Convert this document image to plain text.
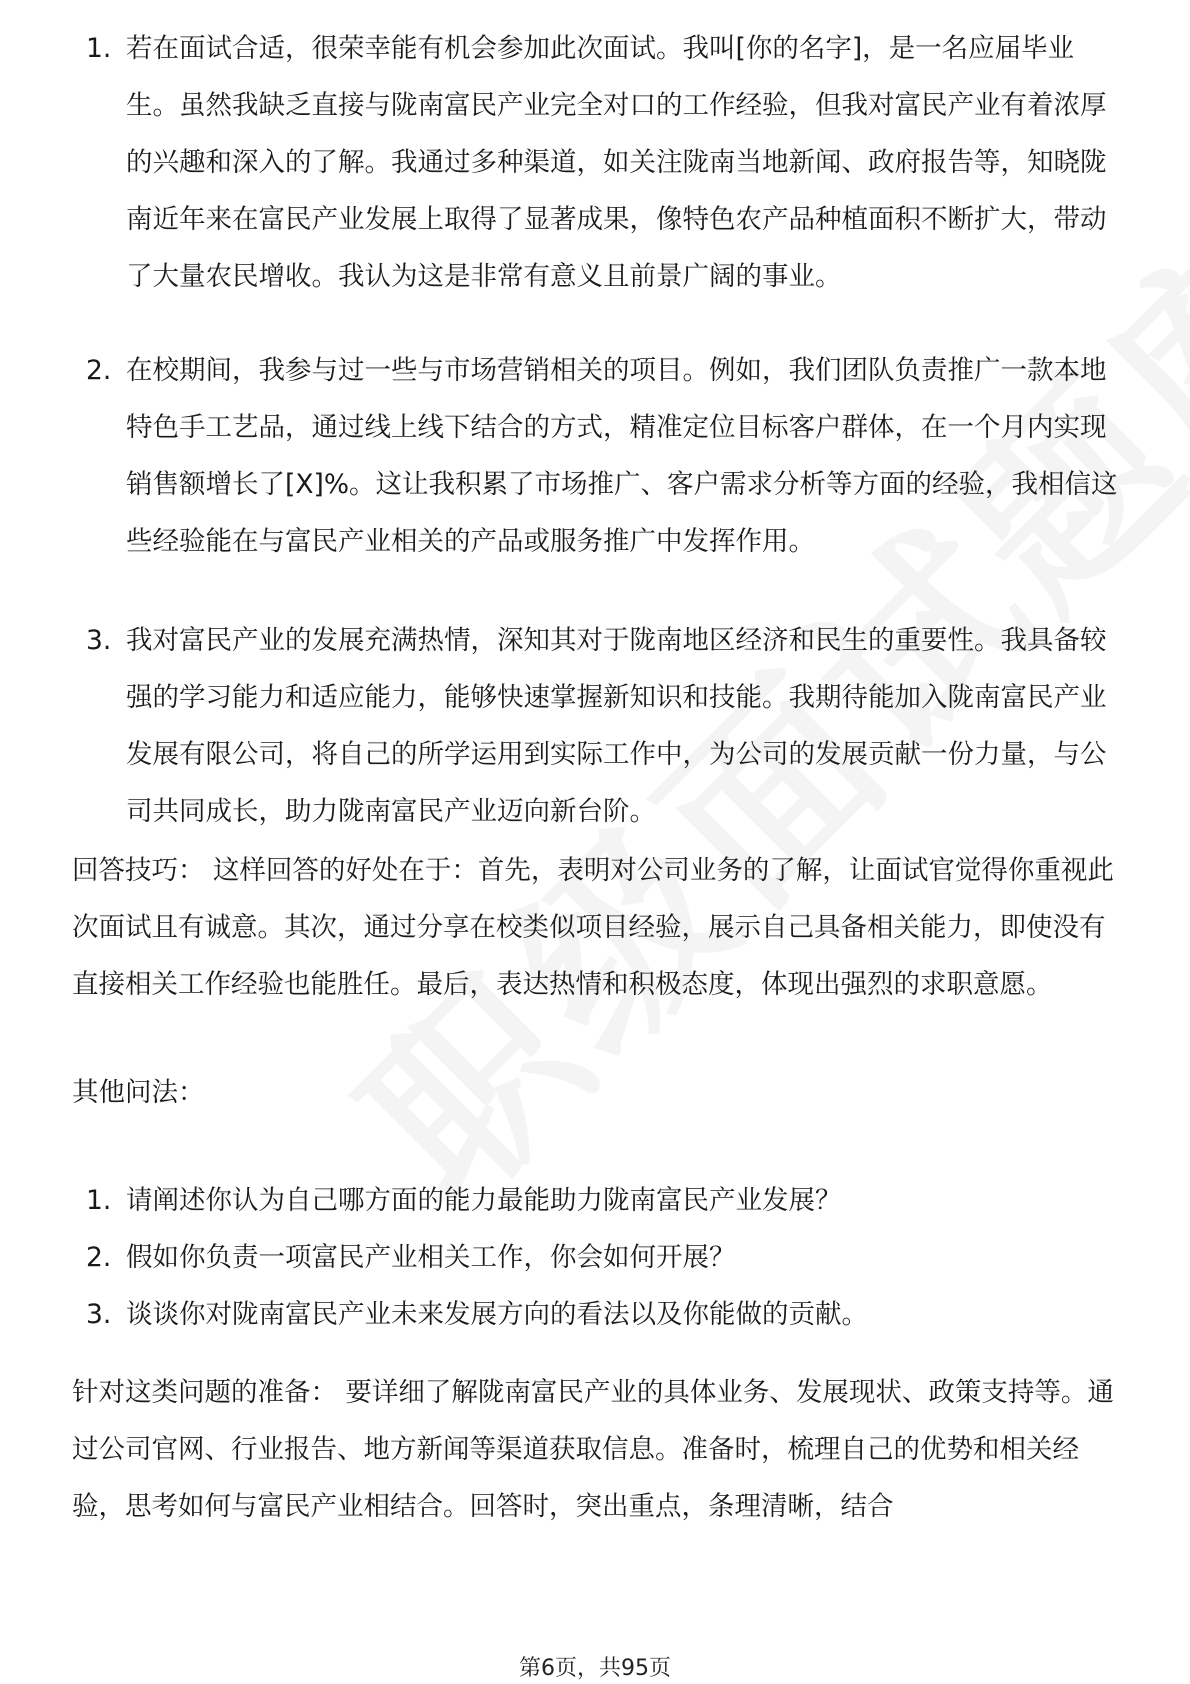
1. 若在面试合适，很荣幸能有机会参加此次面试。我叫[你的名字]，是一名应届毕业生。虽然我缺乏直接与陇南富民产业完全对口的工作经验，但我对富民产业有着浓厚的兴趣和深入的了解。我通过多种渠道，如关注陇南当地新闻、政府报告等，知晓陇南近年来在富民产业发展上取得了显著成果，像特色农产品种植面积不断扩大，带动了大量农民增收。我认为这是非常有意义且前景广阔的事业。
2. 在校期间，我参与过一些与市场营销相关的项目。例如，我们团队负责推广一款本地特色手工艺品，通过线上线下结合的方式，精准定位目标客户群体，在一个月内实现销售额增长了[X]%。这让我积累了市场推广、客户需求分析等方面的经验，我相信这些经验能在与富民产业相关的产品或服务推广中发挥作用。
3. 我对富民产业的发展充满热情，深知其对于陇南地区经济和民生的重要性。我具备较强的学习能力和适应能力，能够快速掌握新知识和技能。我期待能加入陇南富民产业发展有限公司，将自己的所学运用到实际工作中，为公司的发展贡献一份力量，与公司共同成长，助力陇南富民产业迈向新台阶。
回答技巧： 这样回答的好处在于：首先，表明对公司业务的了解，让面试官觉得你重视此次面试且有诚意。其次，通过分享在校类似项目经验，展示自己具备相关能力，即使没有直接相关工作经验也能胜任。最后，表达热情和积极态度，体现出强烈的求职意愿。
其他问法：
1. 请阐述你认为自己哪方面的能力最能助力陇南富民产业发展？
2. 假如你负责一项富民产业相关工作，你会如何开展？
3. 谈谈你对陇南富民产业未来发展方向的看法以及你能做的贡献。
针对这类问题的准备： 要详细了解陇南富民产业的具体业务、发展现状、政策支持等。通过公司官网、行业报告、地方新闻等渠道获取信息。准备时，梳理自己的优势和相关经验，思考如何与富民产业相结合。回答时，突出重点，条理清晰，结合
第6页，共95页
